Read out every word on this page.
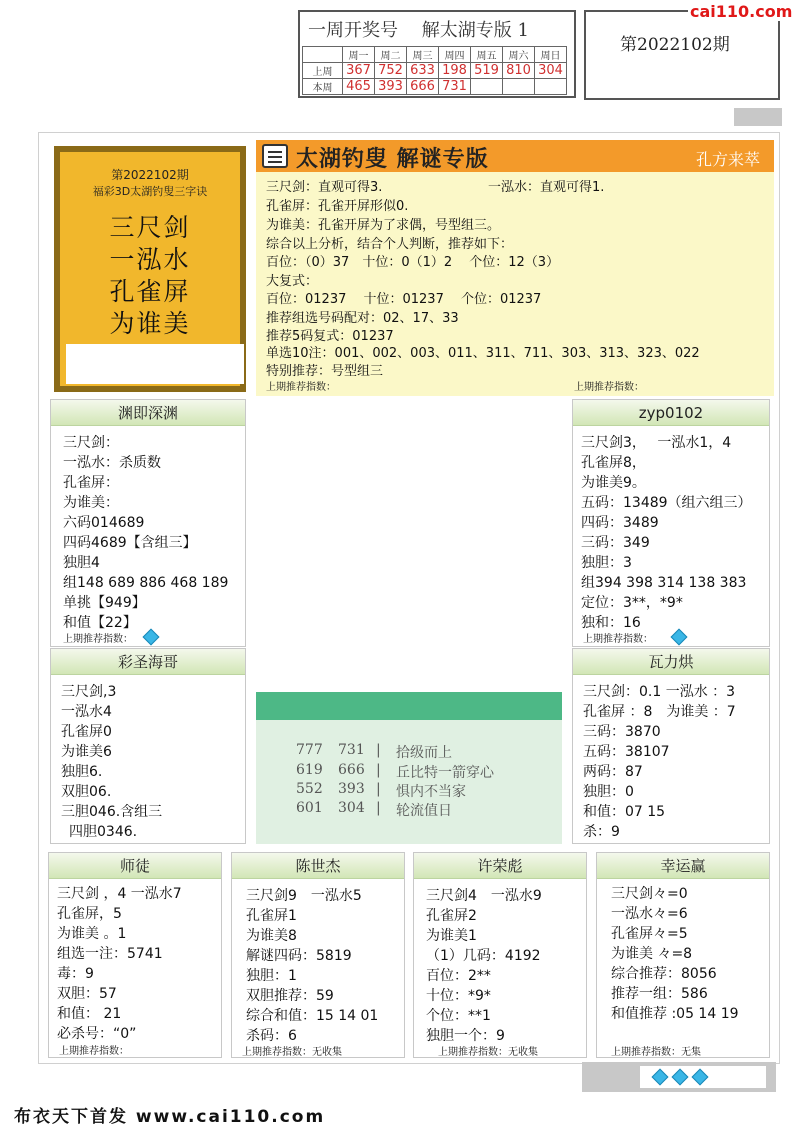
一周开奖号　 解太湖专版 1
	周一	周二	周三	周四	周五	周六	周日
上周	367	752	633	198	519	810	304
本周	465	393	666	731			
第2022102期
cai110.com
第2022102期
福彩3D太湖钓叟三字诀
三尺剑
一泓水
孔雀屏
为谁美
太湖钓叟 解谜专版	孔方来萃
三尺剑：直观可得3.	一泓水：直观可得1.
孔雀屏：孔雀开屏形似0.
为谁美：孔雀开屏为了求偶，号型组三。
综合以上分析，结合个人判断，推荐如下：
百位：（0）37　十位：0（1）2　 个位：12（3）
大复式：
百位：01237　 十位：01237　 个位：01237
推荐组选号码配对：02、17、33
推荐5码复式：01237
单选10注：001、002、003、011、311、711、303、313、323、022
特别推荐：号型组三
上期推荐指数：	上期推荐指数：
渊即深渊
三尺剑：
一泓水：杀质数
孔雀屏：
为谁美：
六码014689
四码4689【含组三】
独胆4
组148 689 886 468 189
单挑【949】
和值【22】
上期推荐指数：
zyp0102
三尺剑3，　 一泓水1，4
孔雀屏8，
为谁美9。
五码：13489（组六组三）
四码：3489
三码：349
独胆：3
组394 398 314 138 383
定位：3**，*9*
独和：16
上期推荐指数：
777 731 | 拾级而上
619 666 | 丘比特一箭穿心
552 393 | 惧内不当家
601 304 | 轮流值日
彩圣海哥
三尺剑,3
一泓水4
孔雀屏0
为谁美6
独胆6.
双胆06.
三胆046.含组三
四胆0346.
瓦力烘
三尺剑：0.1 一泓水 ：3
孔雀屏 ：8　为谁美 ：7
三码：3870
五码：38107
两码：87
独胆：0
和值：07 15
杀：9
师徒
三尺剑 ，4 一泓水7
孔雀屏，5
为谁美 。1
组选一注：5741
毒：9
双胆：57
和值： 21
必杀号：“0”
上期推荐指数：
陈世杰
三尺剑9　一泓水5
孔雀屏1
为谁美8
解谜四码：5819
独胆：1
双胆推荐：59
综合和值：15 14 01
杀码：6
上期推荐指数：无收集
许荣彪
三尺剑4　一泓水9
孔雀屏2
为谁美1
（1）几码：4192
百位：2**
十位：*9*
个位：**1
独胆一个：9
上期推荐指数：无收集
幸运赢
三尺剑々=0
一泓水々=6
孔雀屏々=5
为谁美 々=8
综合推荐：8056
推荐一组：586
和值推荐 :05 14 19
上期推荐指数：无集
布衣天下首发 www.cai110.com
